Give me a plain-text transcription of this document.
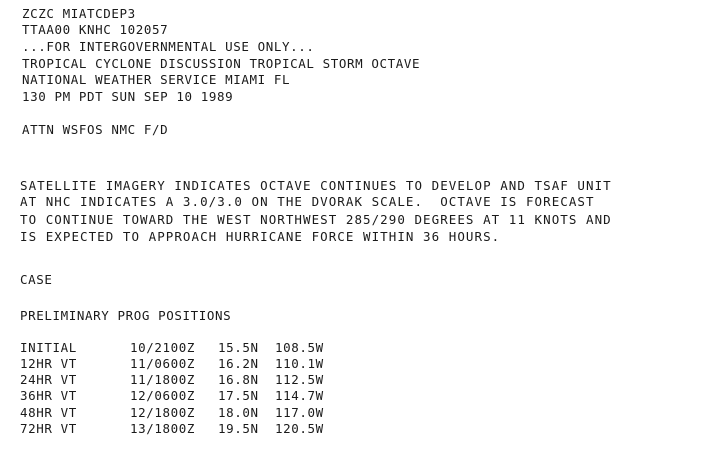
ZCZC MIATCDEP3
TTAA00 KNHC 102057
...FOR INTERGOVERNMENTAL USE ONLY...
TROPICAL CYCLONE DISCUSSION TROPICAL STORM OCTAVE
NATIONAL WEATHER SERVICE MIAMI FL
130 PM PDT SUN SEP 10 1989
ATTN WSFOS NMC F/D
SATELLITE IMAGERY INDICATES OCTAVE CONTINUES TO DEVELOP AND TSAF UNIT
AT NHC INDICATES A 3.0/3.0 ON THE DVORAK SCALE.  OCTAVE IS FORECAST
TO CONTINUE TOWARD THE WEST NORTHWEST 285/290 DEGREES AT 11 KNOTS AND
IS EXPECTED TO APPROACH HURRICANE FORCE WITHIN 36 HOURS.
CASE
PRELIMINARY PROG POSITIONS
INITIAL	10/2100Z 15.5N 108.5W
12HR VT	11/0600Z 16.2N 110.1W
24HR VT	11/1800Z 16.8N 112.5W
36HR VT	12/0600Z 17.5N 114.7W
48HR VT	12/1800Z 18.0N 117.0W
72HR VT	13/1800Z 19.5N 120.5W
